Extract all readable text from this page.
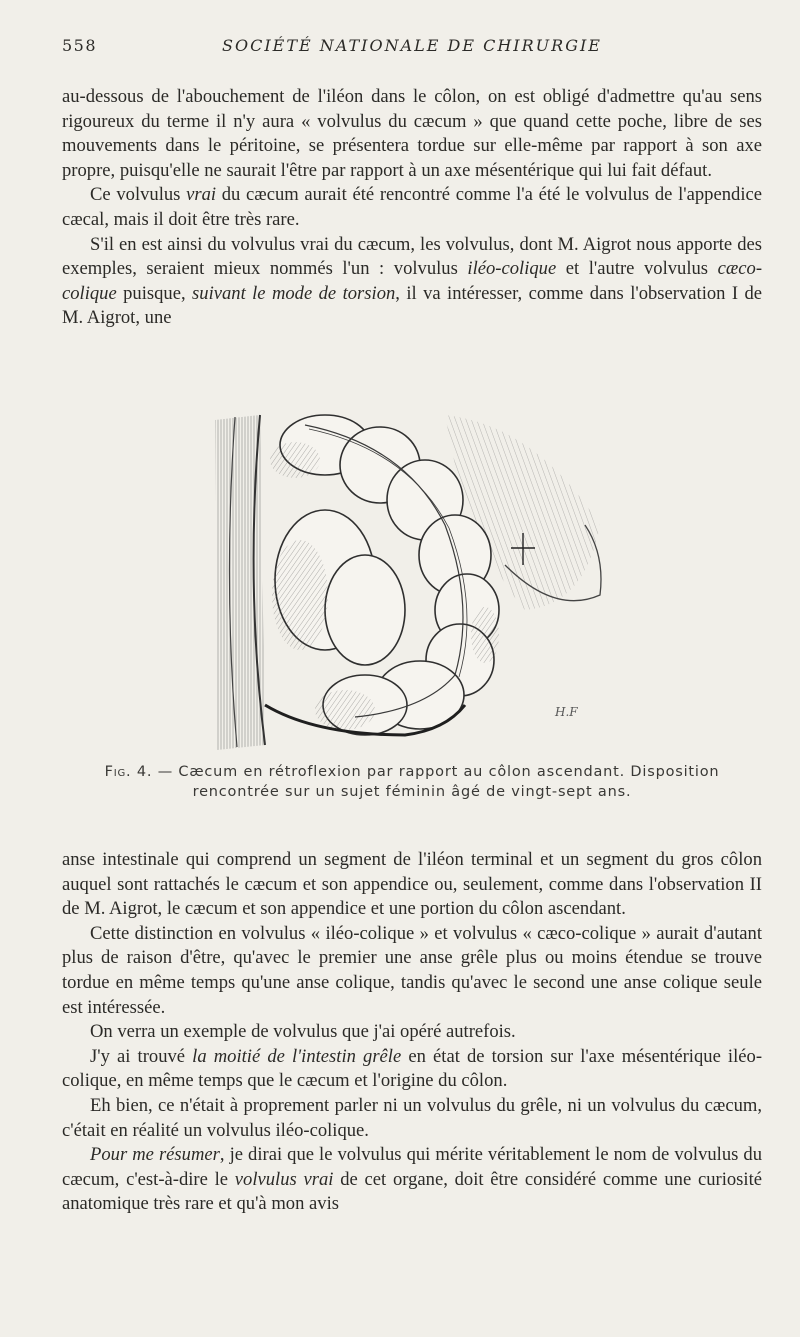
558	SOCIÉTÉ NATIONALE DE CHIRURGIE

au-dessous de l'abouchement de l'iléon dans le côlon, on est obligé d'admettre qu'au sens rigoureux du terme il n'y aura « volvulus du cæcum » que quand cette poche, libre de ses mouvements dans le péritoine, se présentera tordue sur elle-même par rapport à son axe propre, puisqu'elle ne saurait l'être par rapport à un axe mésentérique qui lui fait défaut.

Ce volvulus vrai du cæcum aurait été rencontré comme l'a été le volvulus de l'appendice cæcal, mais il doit être très rare.

S'il en est ainsi du volvulus vrai du cæcum, les volvulus, dont M. Aigrot nous apporte des exemples, seraient mieux nommés l'un : volvulus iléo-colique et l'autre volvulus cæco-colique puisque, suivant le mode de torsion, il va intéresser, comme dans l'observation I de M. Aigrot, une

H.F
Fig. 4. — Cæcum en rétroflexion par rapport au côlon ascendant. Disposition rencontrée sur un sujet féminin âgé de vingt-sept ans.

anse intestinale qui comprend un segment de l'iléon terminal et un segment du gros côlon auquel sont rattachés le cæcum et son appendice ou, seulement, comme dans l'observation II de M. Aigrot, le cæcum et son appendice et une portion du côlon ascendant.

Cette distinction en volvulus « iléo-colique » et volvulus « cæco-colique » aurait d'autant plus de raison d'être, qu'avec le premier une anse grêle plus ou moins étendue se trouve tordue en même temps qu'une anse colique, tandis qu'avec le second une anse colique seule est intéressée.

On verra un exemple de volvulus que j'ai opéré autrefois.

J'y ai trouvé la moitié de l'intestin grêle en état de torsion sur l'axe mésentérique iléo-colique, en même temps que le cæcum et l'origine du côlon.

Eh bien, ce n'était à proprement parler ni un volvulus du grêle, ni un volvulus du cæcum, c'était en réalité un volvulus iléo-colique.

Pour me résumer, je dirai que le volvulus qui mérite véritablement le nom de volvulus du cæcum, c'est-à-dire le volvulus vrai de cet organe, doit être considéré comme une curiosité anatomique très rare et qu'à mon avis
